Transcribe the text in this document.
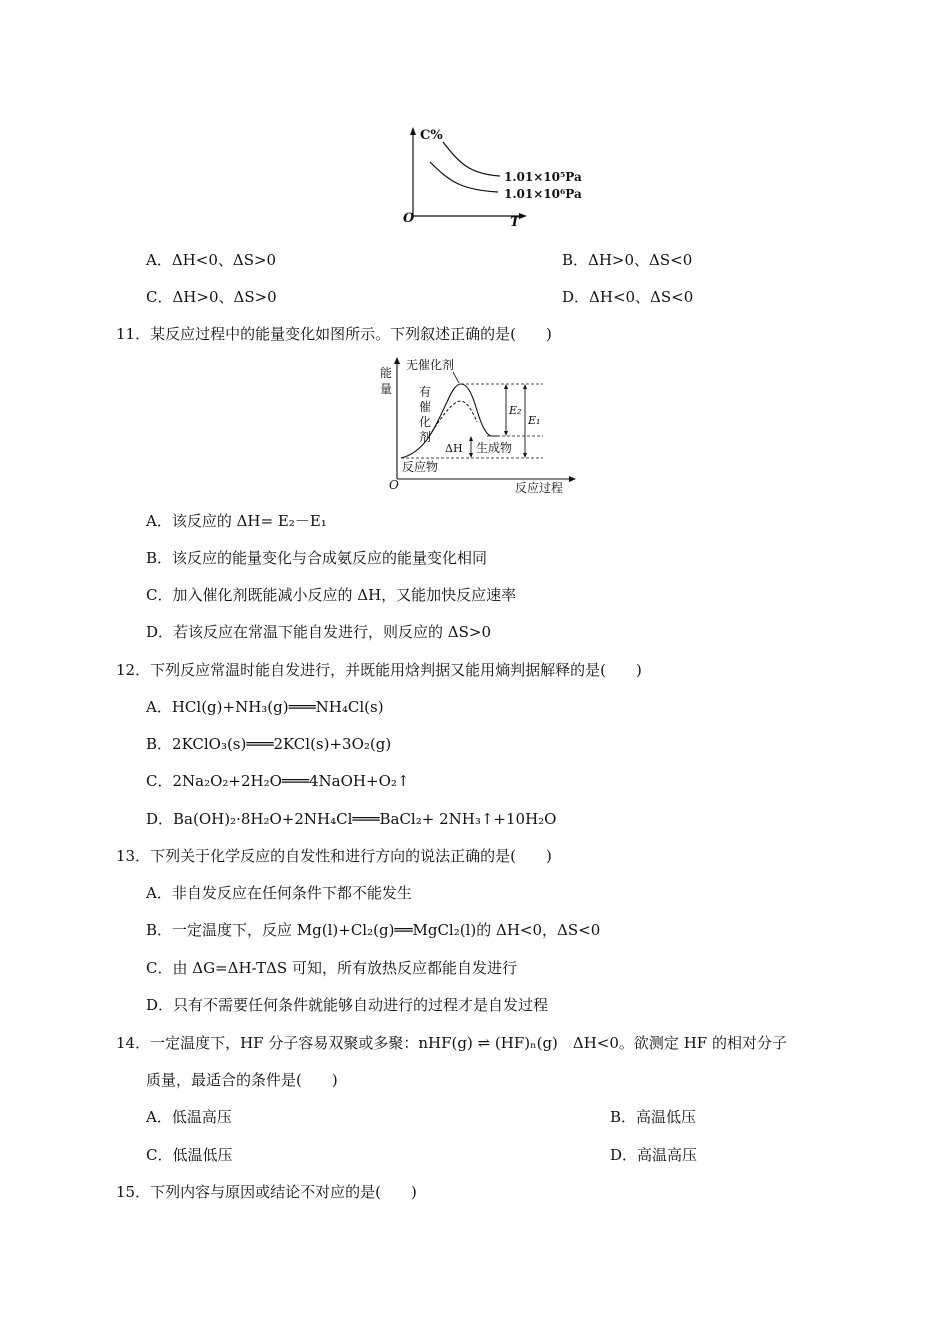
C%
1.01×10⁵Pa
1.01×10⁶Pa
O	T
A．ΔH<0、ΔS>0	B．ΔH>0、ΔS<0
C．ΔH>0、ΔS>0	D．ΔH<0、ΔS<0
11．某反应过程中的能量变化如图所示。下列叙述正确的是(　　)
能
量
无催化剂
有
催
化
剂
E₂
E₁
ΔH 生成物
反应物
O	反应过程
A．该反应的 ΔH= E₂－E₁
B．该反应的能量变化与合成氨反应的能量变化相同
C．加入催化剂既能减小反应的 ΔH，又能加快反应速率
D．若该反应在常温下能自发进行，则反应的 ΔS>0
12．下列反应常温时能自发进行，并既能用焓判据又能用熵判据解释的是(　　)
A．HCl(g)+NH₃(g)═══NH₄Cl(s)
B．2KClO₃(s)═══2KCl(s)+3O₂(g)
C．2Na₂O₂+2H₂O═══4NaOH+O₂↑
D．Ba(OH)₂·8H₂O+2NH₄Cl═══BaCl₂+ 2NH₃↑+10H₂O
13．下列关于化学反应的自发性和进行方向的说法正确的是(　　)
A．非自发反应在任何条件下都不能发生
B．一定温度下，反应 Mg(l)+Cl₂(g)══MgCl₂(l)的 ΔH<0，ΔS<0
C．由 ΔG=ΔH-TΔS 可知，所有放热反应都能自发进行
D．只有不需要任何条件就能够自动进行的过程才是自发过程
14．一定温度下，HF 分子容易双聚或多聚：nHF(g) ⇌ (HF)ₙ(g)　ΔH<0。欲测定 HF 的相对分子
质量，最适合的条件是(　　)
A．低温高压	B．高温低压
C．低温低压	D．高温高压
15．下列内容与原因或结论不对应的是(　　)
